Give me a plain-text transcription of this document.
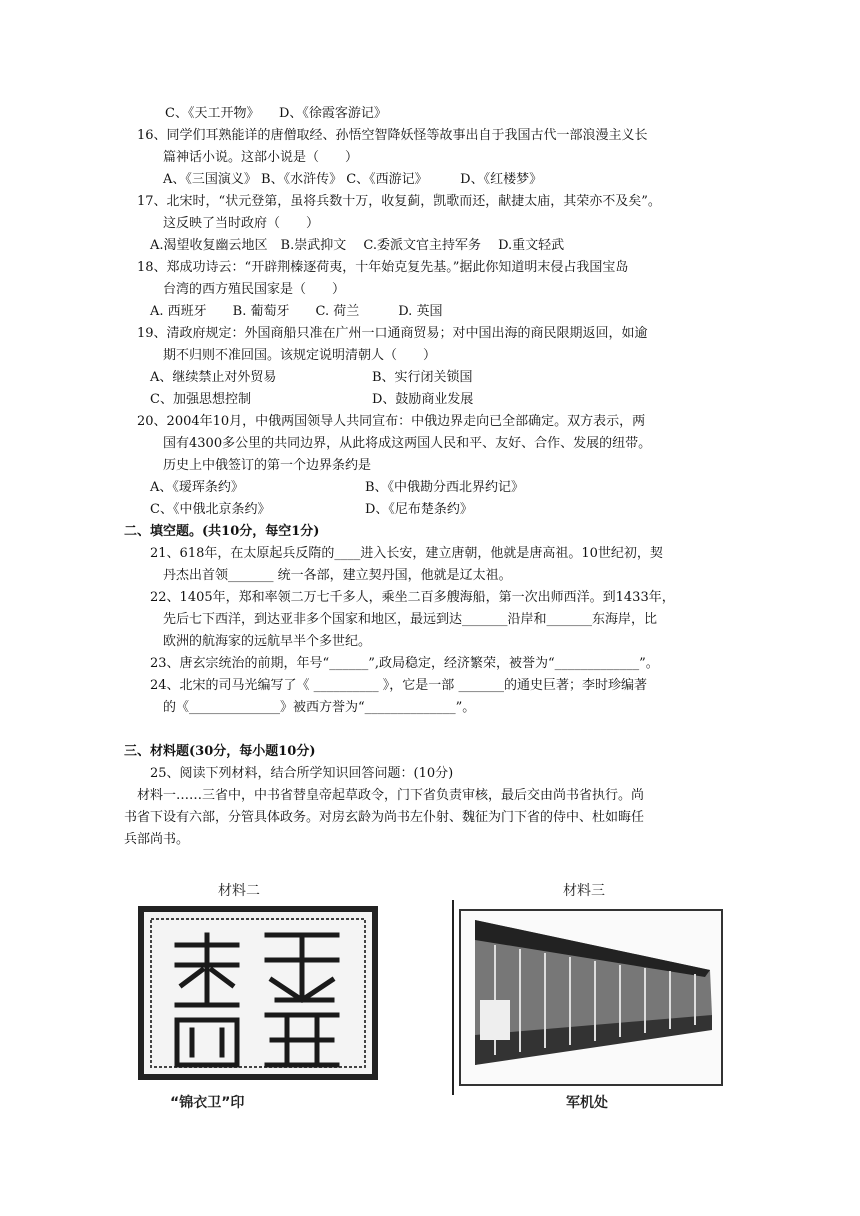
C、《天工开物》　　D、《徐霞客游记》
16、同学们耳熟能详的唐僧取经、孙悟空智降妖怪等故事出自于我国古代一部浪漫主义长
篇神话小说。这部小说是（　　）
A、《三国演义》 B、《水浒传》 C、《西游记》　　　D、《红楼梦》
17、北宋时，“状元登第，虽将兵数十万，收复蓟，凯歌而还，献捷太庙，其荣亦不及矣”。
这反映了当时政府（　　）
A.渴望收复幽云地区　B.崇武抑文　 C.委派文官主持军务　 D.重文轻武
18、郑成功诗云：“开辟荆榛逐荷夷，十年始克复先基。”据此你知道明末侵占我国宝岛
台湾的西方殖民国家是（　　）
A. 西班牙　　B. 葡萄牙　　C. 荷兰　　　D. 英国
19、清政府规定：外国商船只准在广州一口通商贸易；对中国出海的商民限期返回，如逾
期不归则不准回国。该规定说明清朝人（　　）
A、继续禁止对外贸易	B、实行闭关锁国
C、加强思想控制	D、鼓励商业发展
20、2004年10月，中俄两国领导人共同宣布：中俄边界走向已全部确定。双方表示，两
国有4300多公里的共同边界，从此将成这两国人民和平、友好、合作、发展的纽带。
历史上中俄签订的第一个边界条约是
A、《瑷珲条约》	B、《中俄勘分西北界约记》
C、《中俄北京条约》	D、《尼布楚条约》
二、填空题。(共10分，每空1分)
21、618年，在太原起兵反隋的____进入长安，建立唐朝，他就是唐高祖。10世纪初，契
丹杰出首领_______ 统一各部，建立契丹国，他就是辽太祖。
22、1405年，郑和率领二万七千多人，乘坐二百多艘海船，第一次出师西洋。到1433年，
先后七下西洋，到达亚非多个国家和地区，最远到达_______沿岸和_______东海岸，比
欧洲的航海家的远航早半个多世纪。
23、唐玄宗统治的前期，年号“______”,政局稳定，经济繁荣，被誉为“_____________”。
24、北宋的司马光编写了《 __________ 》，它是一部 _______的通史巨著；李时珍编著
的《______________》被西方誉为“______________”。
三、材料题(30分，每小题10分)
25、阅读下列材料，结合所学知识回答问题：(10分)
材料一……三省中，中书省替皇帝起草政令，门下省负责审核，最后交由尚书省执行。尚
书省下设有六部，分管具体政务。对房玄龄为尚书左仆射、魏征为门下省的侍中、杜如晦任
兵部尚书。
材料二
錦衣衛印
“锦衣卫”印
材料三
军机处
